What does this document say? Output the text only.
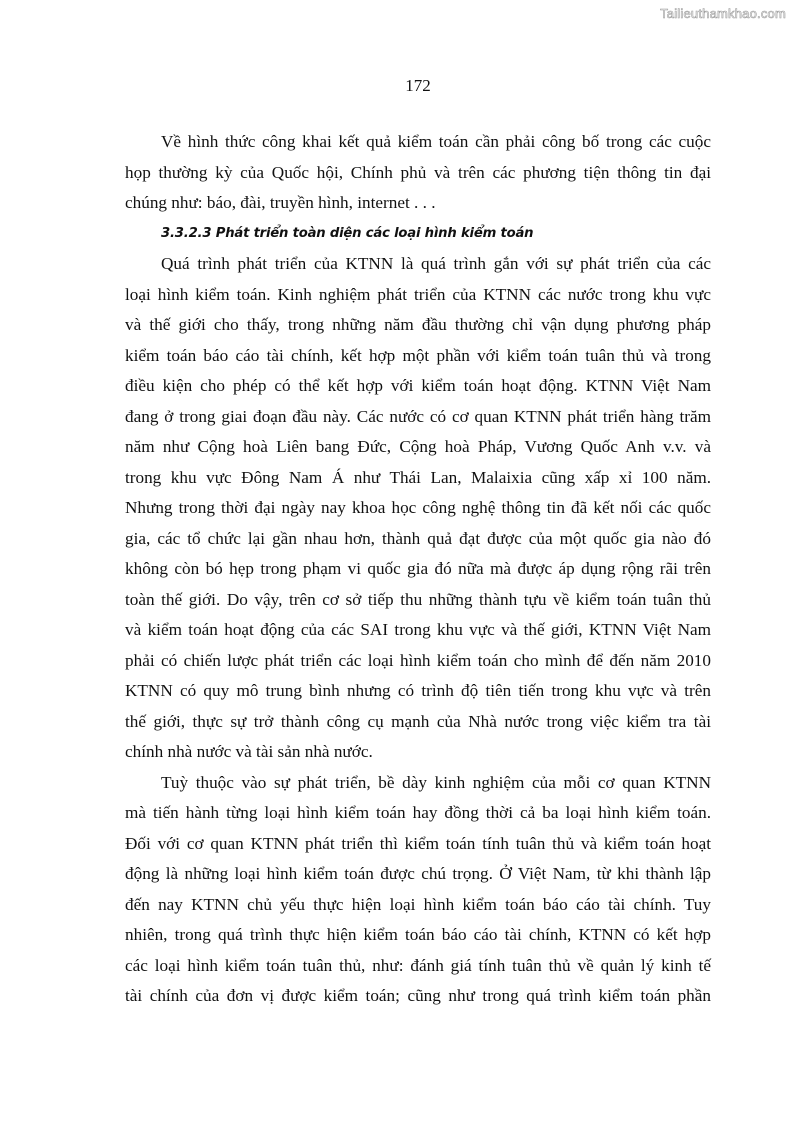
Tailieuthamkhao.com
172
Về hình thức công khai kết quả kiểm toán cần phải công bố trong các cuộc
họp thường kỳ của Quốc hội, Chính phủ và trên các phương tiện thông tin đại
chúng như: báo, đài, truyền hình, internet . . .
3.3.2.3 Phát triển toàn diện các loại hình kiểm toán
Quá trình phát triển của KTNN là quá trình gắn với sự phát triển của các
loại hình kiểm toán. Kinh nghiệm phát triển của KTNN các nước trong khu vực
và thế giới cho thấy, trong những năm đầu thường chỉ vận dụng phương pháp
kiểm toán báo cáo tài chính, kết hợp một phần với kiểm toán tuân thủ và trong
điều kiện cho phép có thể kết hợp với kiểm toán hoạt động. KTNN Việt Nam
đang ở trong giai đoạn đầu này. Các nước có cơ quan KTNN phát triển hàng trăm
năm như Cộng hoà Liên bang Đức, Cộng hoà Pháp, Vương Quốc Anh v.v. và
trong khu vực Đông Nam Á như Thái Lan, Malaixia cũng xấp xỉ 100 năm.
Nhưng trong thời đại ngày nay khoa học công nghệ thông tin đã kết nối các quốc
gia, các tổ chức lại gần nhau hơn, thành quả đạt được của một quốc gia nào đó
không còn bó hẹp trong phạm vi quốc gia đó nữa mà được áp dụng rộng rãi trên
toàn thế giới. Do vậy, trên cơ sở tiếp thu những thành tựu về kiểm toán tuân thủ
và kiểm toán hoạt động của các SAI trong khu vực và thế giới, KTNN Việt Nam
phải có chiến lược phát triển các loại hình kiểm toán cho mình để đến năm 2010
KTNN có quy mô trung bình nhưng có trình độ tiên tiến trong khu vực và trên
thế giới, thực sự trở thành công cụ mạnh của Nhà nước trong việc kiểm tra tài
chính nhà nước và tài sản nhà nước.
Tuỳ thuộc vào sự phát triển, bề dày kinh nghiệm của mỗi cơ quan KTNN
mà tiến hành từng loại hình kiểm toán hay đồng thời cả ba loại hình kiểm toán.
Đối với cơ quan KTNN phát triển thì kiểm toán tính tuân thủ và kiểm toán hoạt
động là những loại hình kiểm toán được chú trọng. Ở Việt Nam, từ khi thành lập
đến nay KTNN chủ yếu thực hiện loại hình kiểm toán báo cáo tài chính. Tuy
nhiên, trong quá trình thực hiện kiểm toán báo cáo tài chính, KTNN có kết hợp
các loại hình kiểm toán tuân thủ, như: đánh giá tính tuân thủ về quản lý kinh tế
tài chính của đơn vị được kiểm toán; cũng như trong quá trình kiểm toán phần
